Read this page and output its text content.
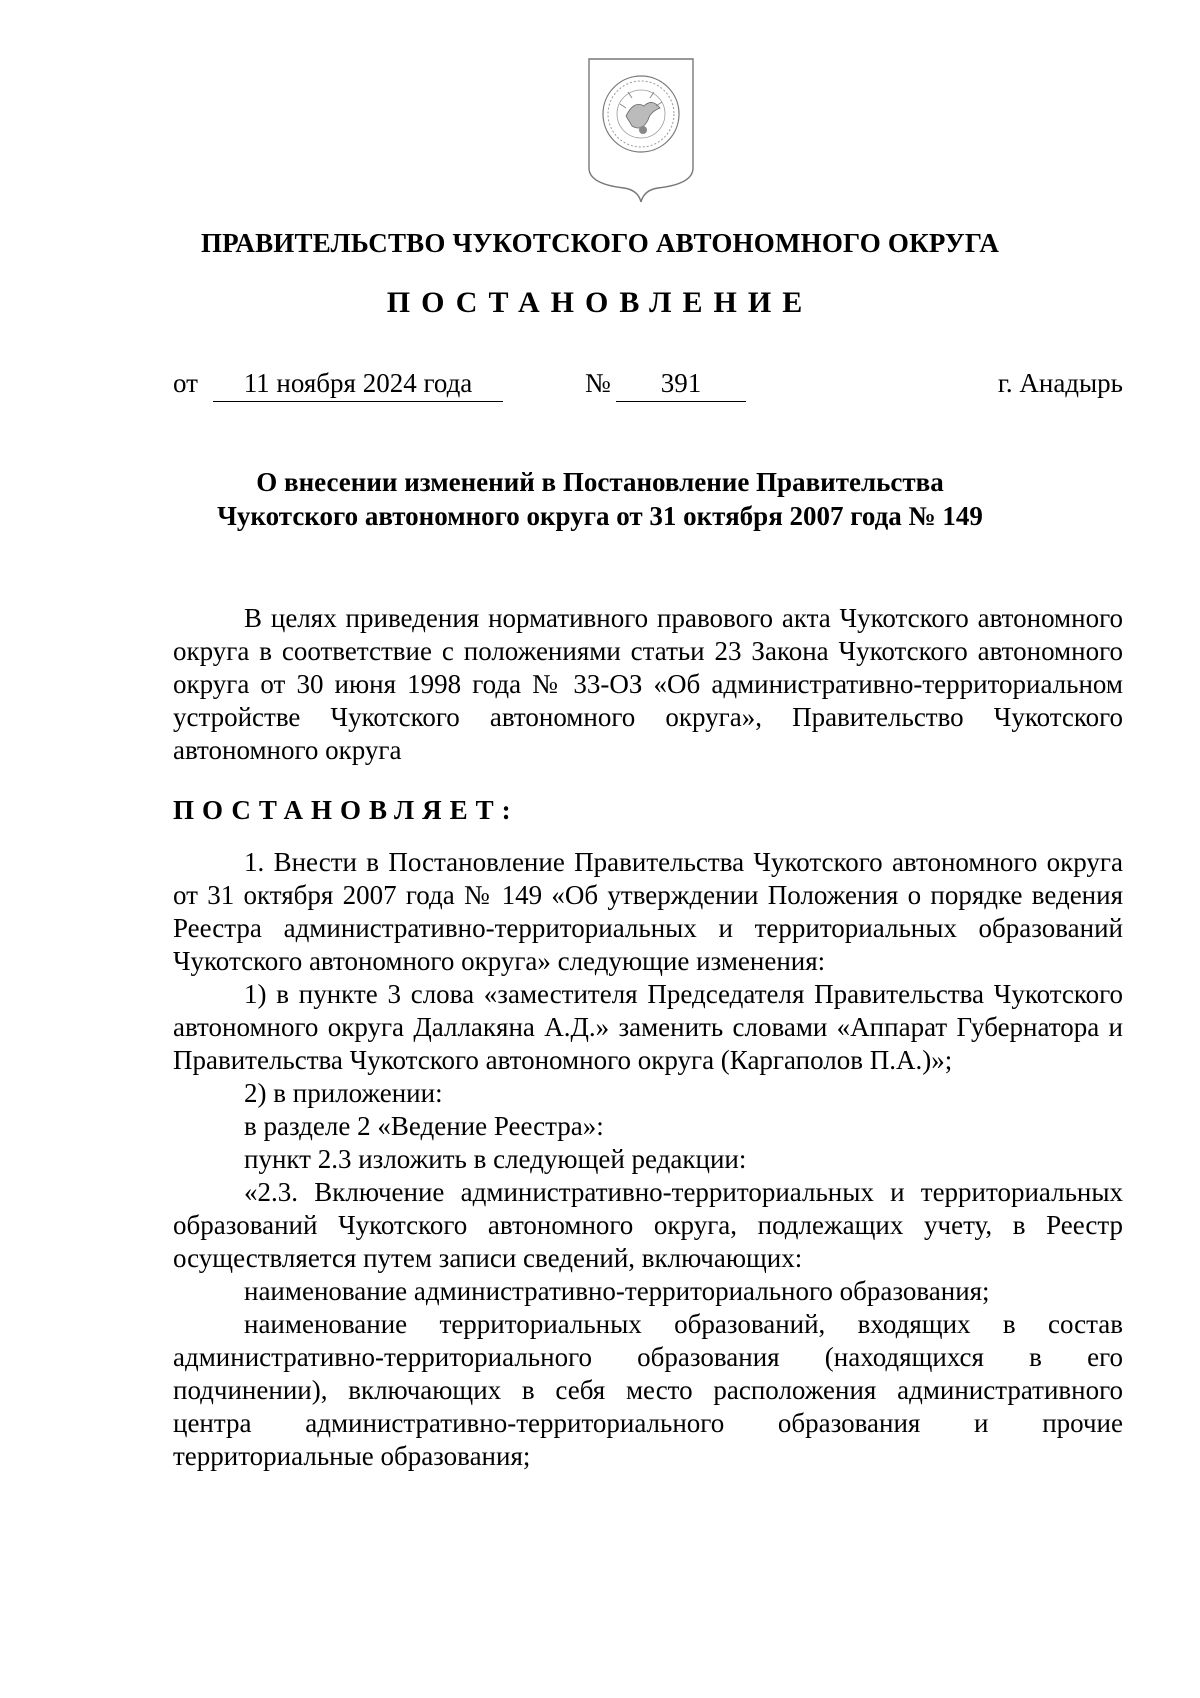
ПРАВИТЕЛЬСТВО ЧУКОТСКОГО АВТОНОМНОГО ОКРУГА
ПОСТАНОВЛЕНИЕ
от	11 ноября 2024 года	№	391	г. Анадырь
О внесении изменений в Постановление Правительства
Чукотского автономного округа от 31 октября 2007 года № 149

В целях приведения нормативного правового акта Чукотского автономного округа в соответствие с положениями статьи 23 Закона Чукотского автономного округа от 30 июня 1998 года № 33-ОЗ «Об административно-территориальном устройстве Чукотского автономного округа», Правительство Чукотского автономного округа

ПОСТАНОВЛЯЕТ:

1. Внести в Постановление Правительства Чукотского автономного округа от 31 октября 2007 года № 149 «Об утверждении Положения о порядке ведения Реестра административно-территориальных и территориальных образований Чукотского автономного округа» следующие изменения:

1) в пункте 3 слова «заместителя Председателя Правительства Чукотского автономного округа Даллакяна А.Д.» заменить словами «Аппарат Губернатора и Правительства Чукотского автономного округа (Каргаполов П.А.)»;

2) в приложении:

в разделе 2 «Ведение Реестра»:

пункт 2.3 изложить в следующей редакции:

«2.3. Включение административно-территориальных и территориальных образований Чукотского автономного округа, подлежащих учету, в Реестр осуществляется путем записи сведений, включающих:

наименование административно-территориального образования;

наименование территориальных образований, входящих в состав административно-территориального образования (находящихся в его подчинении), включающих в себя место расположения административного центра административно-территориального образования и прочие территориальные образования;
